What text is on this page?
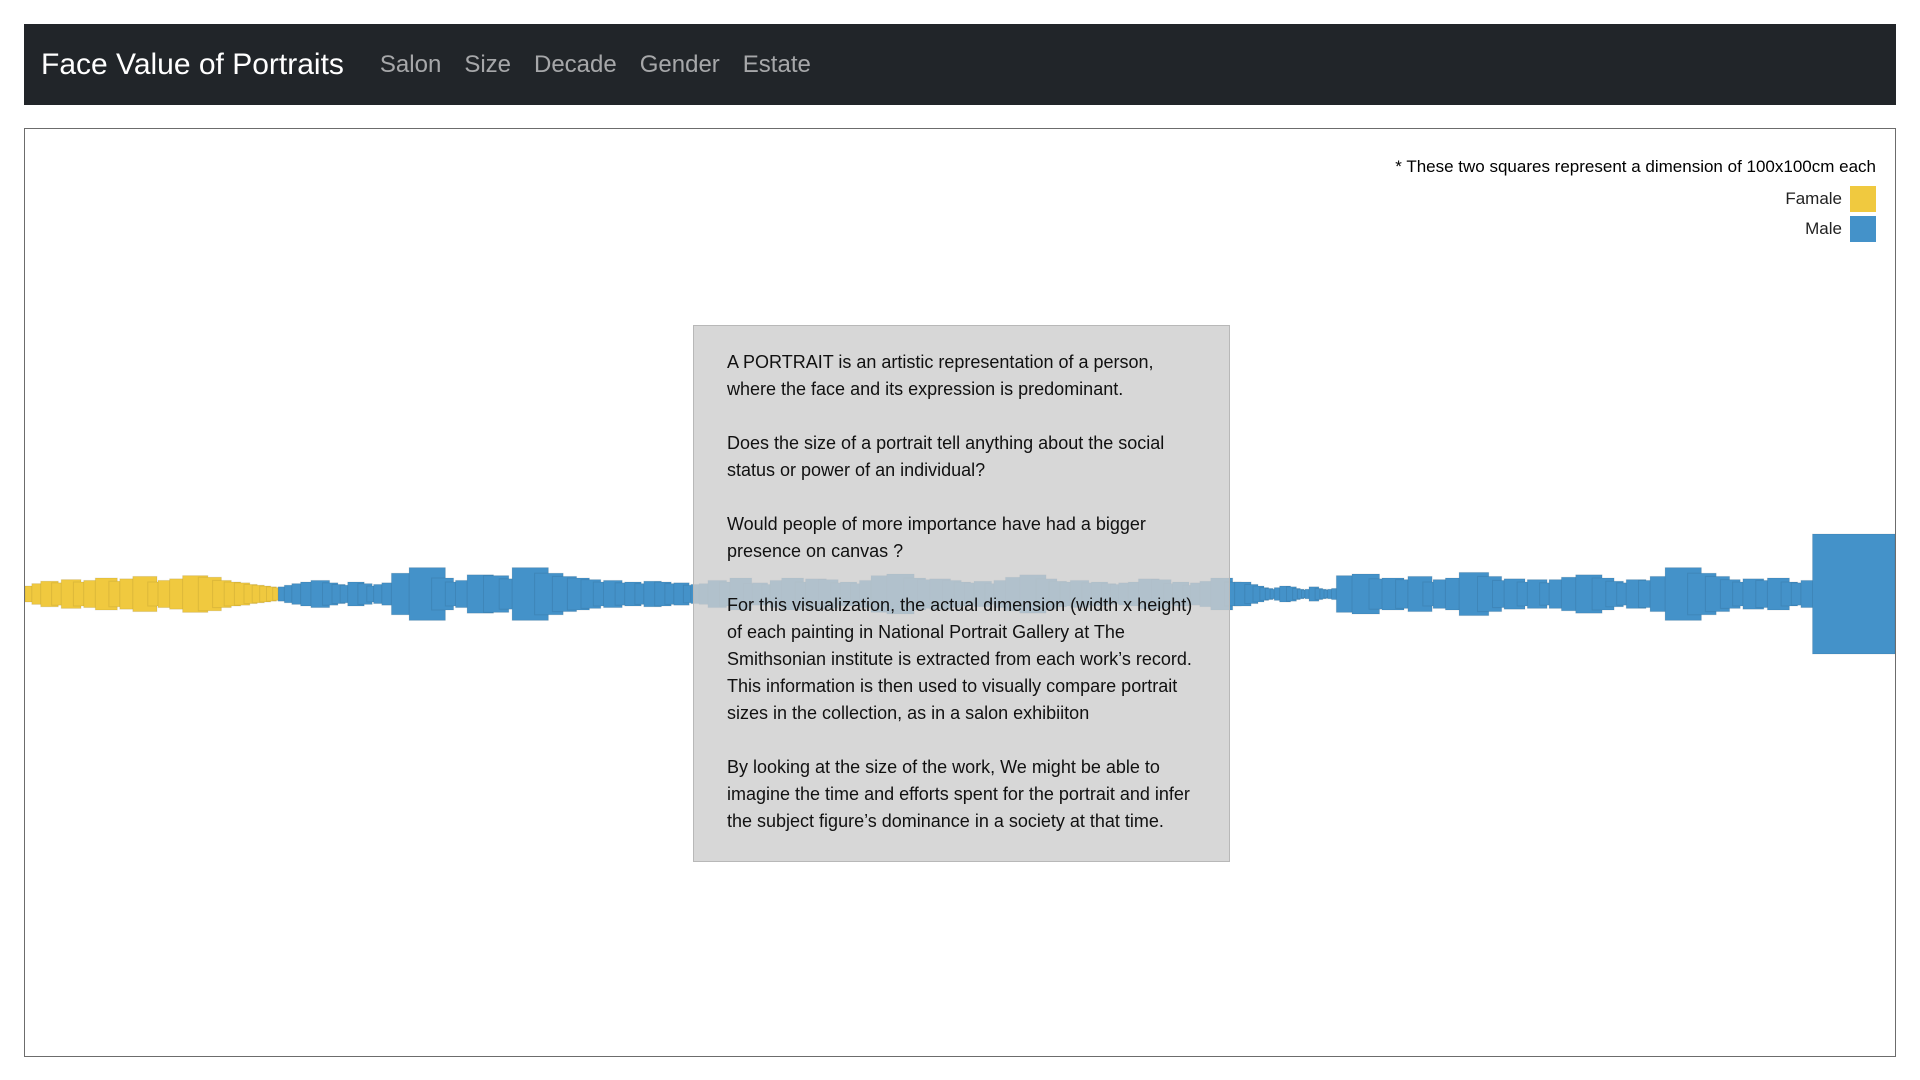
Face Value of Portraits Salon Size Decade Gender Estate
* These two squares represent a dimension of 100x100cm each
Famale
Male

A PORTRAIT is an artistic representation of a person, where the face and its expression is predominant.

Does the size of a portrait tell anything about the social status or power of an individual?

Would people of more importance have had a bigger presence on canvas ?

For this visualization, the actual dimension (width x height) of each painting in National Portrait Gallery at The Smithsonian institute is extracted from each work’s record. This information is then used to visually compare portrait sizes in the collection, as in a salon exhibiiton

By looking at the size of the work, We might be able to imagine the time and efforts spent for the portrait and infer the subject figure’s dominance in a society at that time.
